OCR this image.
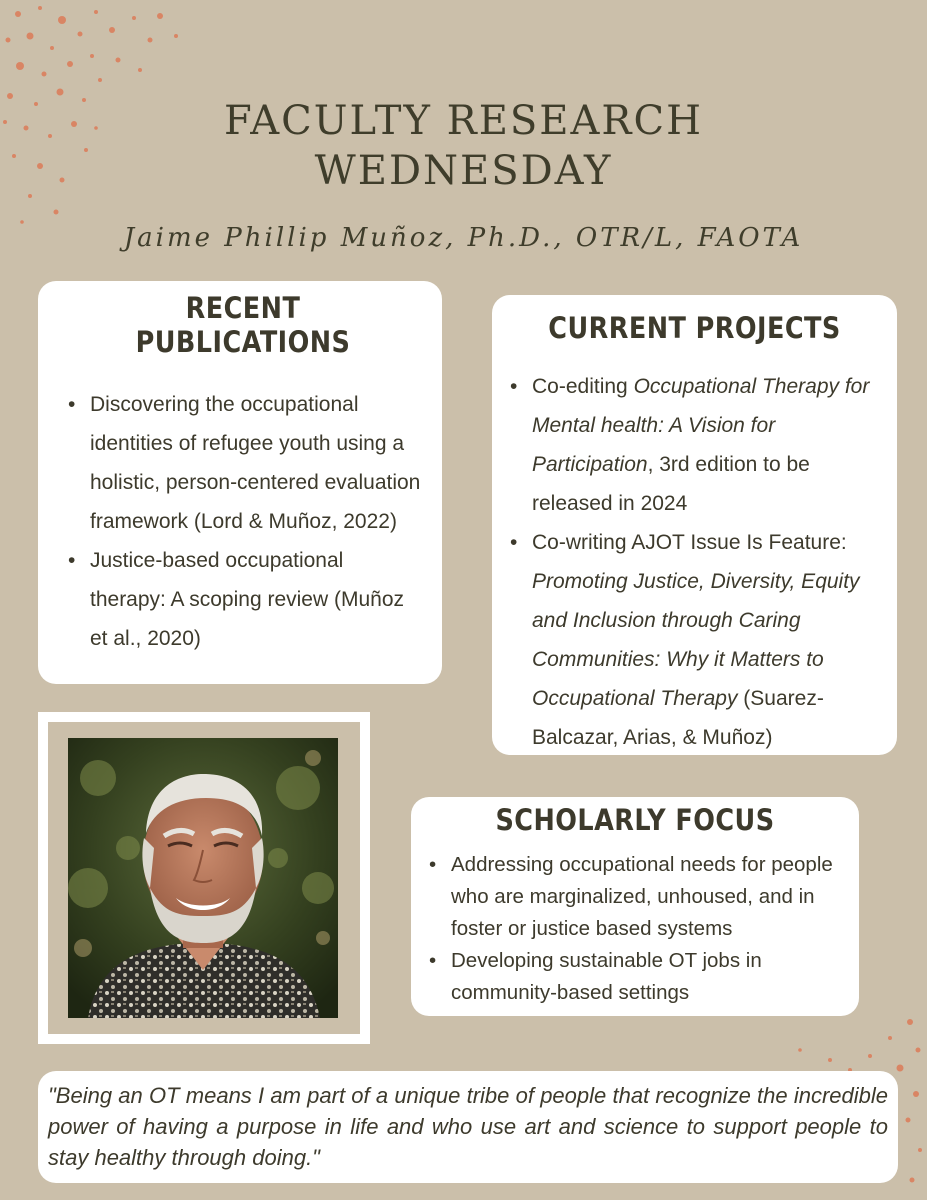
FACULTY RESEARCH
WEDNESDAY
Jaime Phillip Muñoz, Ph.D., OTR/L, FAOTA
RECENT PUBLICATIONS
• Discovering the occupational identities of refugee youth using a holistic, person-centered evaluation framework (Lord & Muñoz, 2022)
• Justice-based occupational therapy: A scoping review (Muñoz et al., 2020)
CURRENT PROJECTS
• Co-editing Occupational Therapy for Mental health: A Vision for Participation, 3rd edition to be released in 2024
• Co-writing AJOT Issue Is Feature: Promoting Justice, Diversity, Equity and Inclusion through Caring Communities: Why it Matters to Occupational Therapy (Suarez-Balcazar, Arias, & Muñoz)
SCHOLARLY FOCUS
• Addressing occupational needs for people who are marginalized, unhoused, and in foster or justice based systems
• Developing sustainable OT jobs in community-based settings
"Being an OT means I am part of a unique tribe of people that recognize the incredible power of having a purpose in life and who use art and science to support people to stay healthy through doing."
